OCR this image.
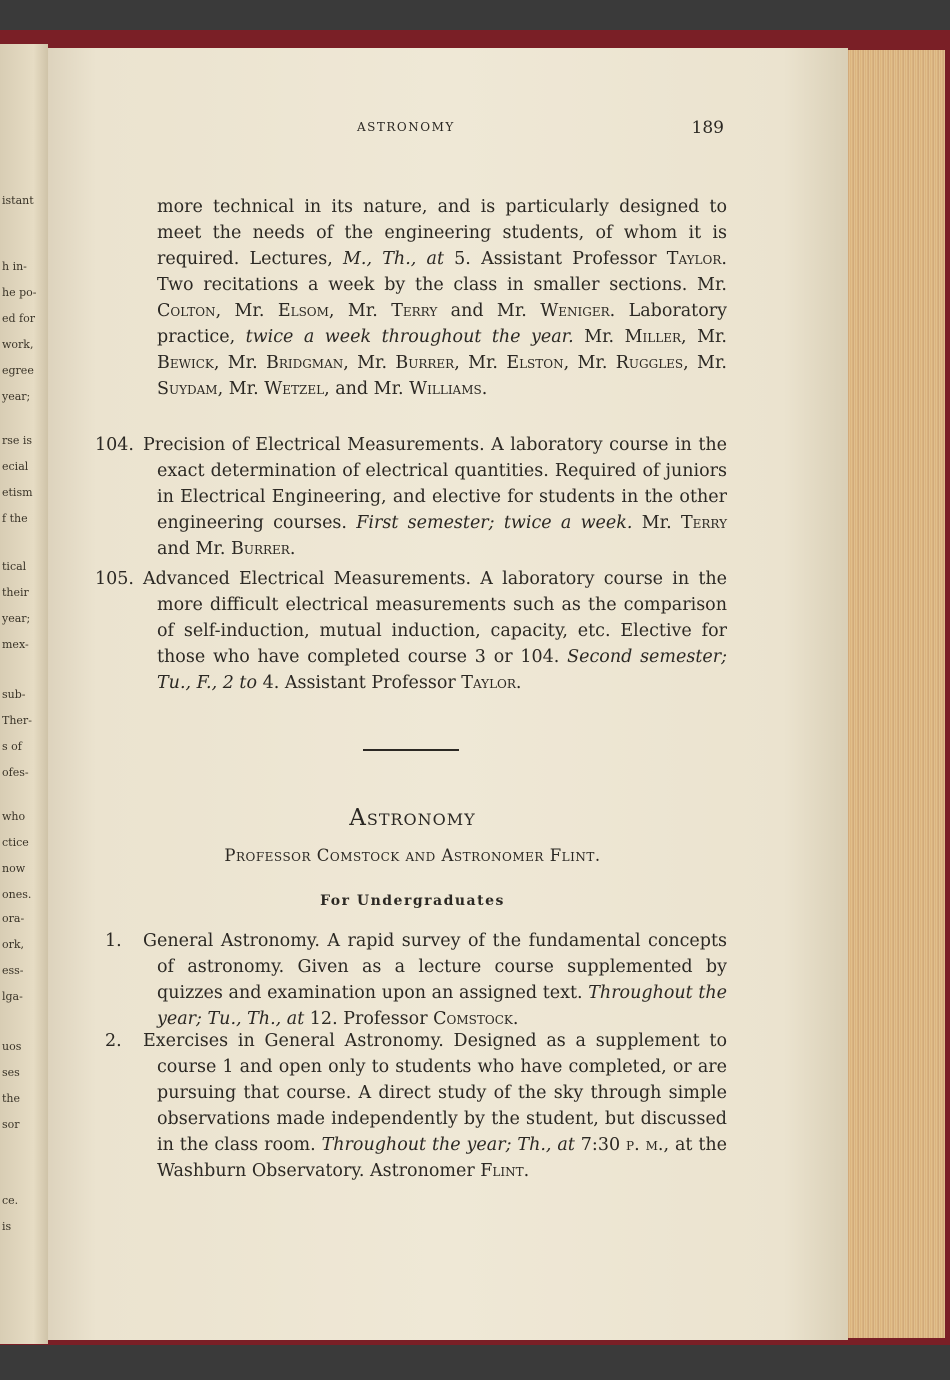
istant
h in-
he po-
ed for
work,
egree
year;
rse is
ecial
etism
f the
tical
their
year;
mex-
sub-
Ther-
s of
ofes-
who
ctice
now
ones.
ora-
ork,
ess-
lga-
uos
ses
the
sor
ce.
is
ASTRONOMY	189
more technical in its nature, and is particularly designed to meet the needs of the engineering students, of whom it is required. Lectures, M., Th., at 5. Assistant Professor Taylor. Two recitations a week by the class in smaller sections. Mr. Colton, Mr. Elsom, Mr. Terry and Mr. Weniger. Laboratory practice, twice a week throughout the year. Mr. Miller, Mr. Bewick, Mr. Bridgman, Mr. Burrer, Mr. Elston, Mr. Ruggles, Mr. Suydam, Mr. Wetzel, and Mr. Williams.
104. Precision of Electrical Measurements. A laboratory course in the exact determination of electrical quantities. Required of juniors in Electrical Engineering, and elective for students in the other engineering courses. First semester; twice a week. Mr. Terry and Mr. Burrer.
105. Advanced Electrical Measurements. A laboratory course in the more difficult electrical measurements such as the comparison of self-induction, mutual induction, capacity, etc. Elective for those who have completed course 3 or 104. Second semester; Tu., F., 2 to 4. Assistant Professor Taylor.
Astronomy
Professor Comstock and Astronomer Flint.
For Undergraduates
1. General Astronomy. A rapid survey of the fundamental concepts of astronomy. Given as a lecture course supplemented by quizzes and examination upon an assigned text. Throughout the year; Tu., Th., at 12. Professor Comstock.
2. Exercises in General Astronomy. Designed as a supplement to course 1 and open only to students who have completed, or are pursuing that course. A direct study of the sky through simple observations made independently by the student, but discussed in the class room. Throughout the year; Th., at 7:30 p. m., at the Washburn Observatory. Astronomer Flint.
